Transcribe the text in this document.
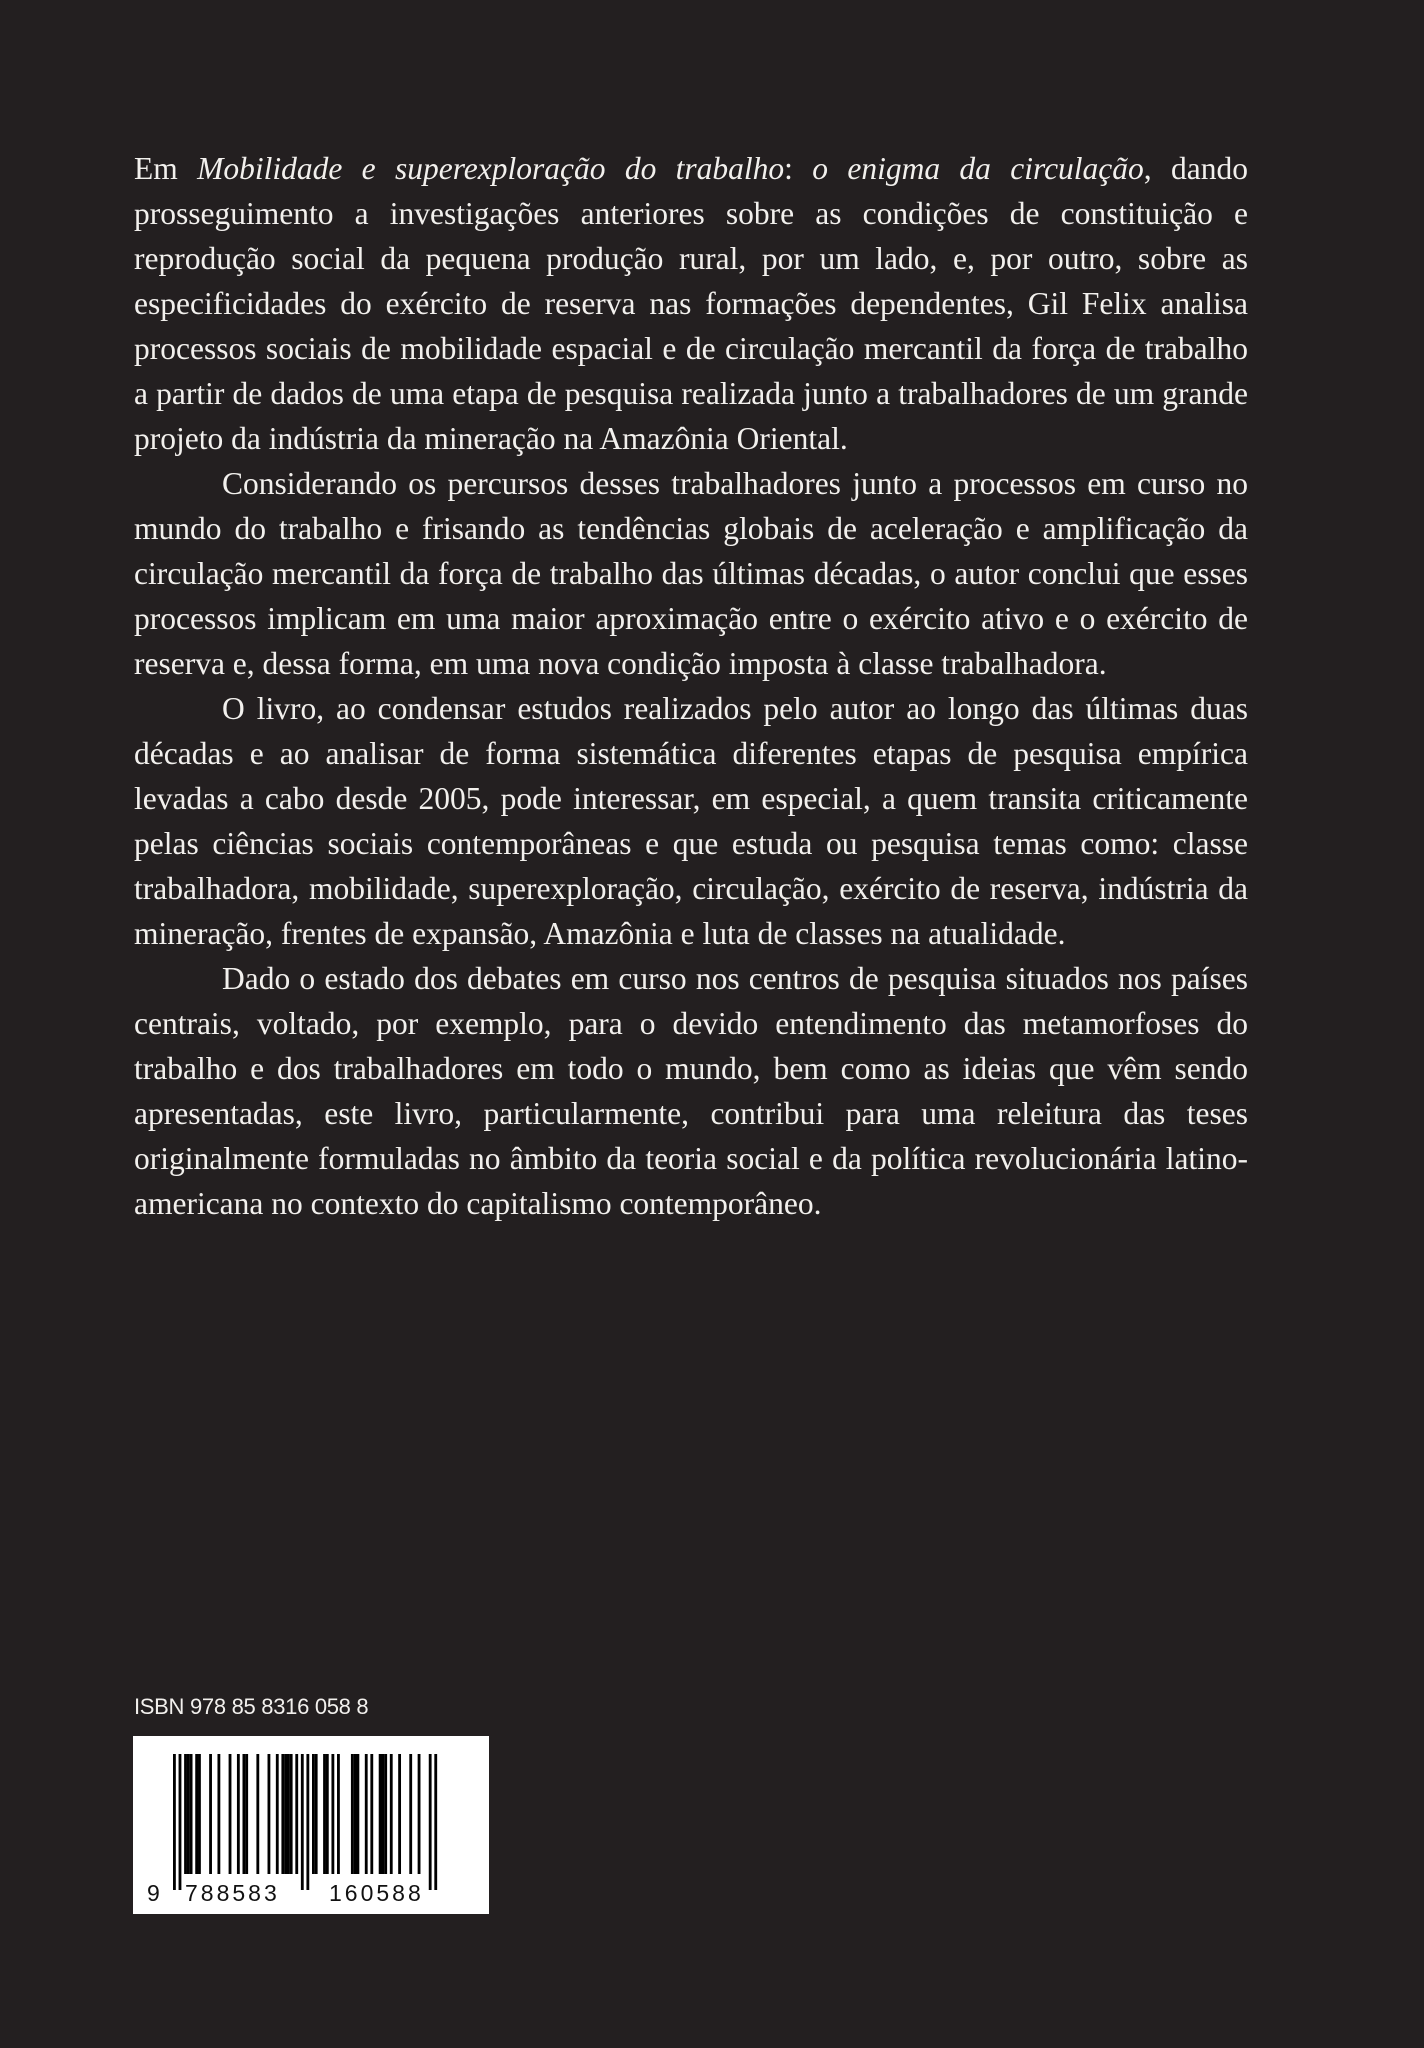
Em Mobilidade e superexploração do trabalho: o enigma da circulação, dando prosseguimento a investigações anteriores sobre as condições de constituição e reprodução social da pequena produção rural, por um lado, e, por outro, sobre as especificidades do exército de reserva nas formações dependentes, Gil Felix analisa processos sociais de mobilidade espacial e de circulação mercantil da força de trabalho a partir de dados de uma etapa de pesquisa realizada junto a trabalhadores de um grande projeto da indústria da mineração na Amazônia Oriental.

Considerando os percursos desses trabalhadores junto a processos em curso no mundo do trabalho e frisando as tendências globais de aceleração e amplificação da circulação mercantil da força de trabalho das últimas décadas, o autor conclui que esses processos implicam em uma maior aproximação entre o exército ativo e o exército de reserva e, dessa forma, em uma nova condição imposta à classe trabalhadora.

O livro, ao condensar estudos realizados pelo autor ao longo das últimas duas décadas e ao analisar de forma sistemática diferentes etapas de pesquisa empírica levadas a cabo desde 2005, pode interessar, em especial, a quem transita criticamente pelas ciências sociais contemporâneas e que estuda ou pesquisa temas como: classe trabalhadora, mobilidade, superexploração, circulação, exército de reserva, indústria da mineração, frentes de expansão, Amazônia e luta de classes na atualidade.

Dado o estado dos debates em curso nos centros de pesquisa situados nos países centrais, voltado, por exemplo, para o devido entendimento das metamorfoses do trabalho e dos trabalhadores em todo o mundo, bem como as ideias que vêm sendo apresentadas, este livro, particularmente, contribui para uma releitura das teses originalmente formuladas no âmbito da teoria social e da política revolucionária latino-americana no contexto do capitalismo contemporâneo.

ISBN 978 85 8316 058 8
9 788583 160588
